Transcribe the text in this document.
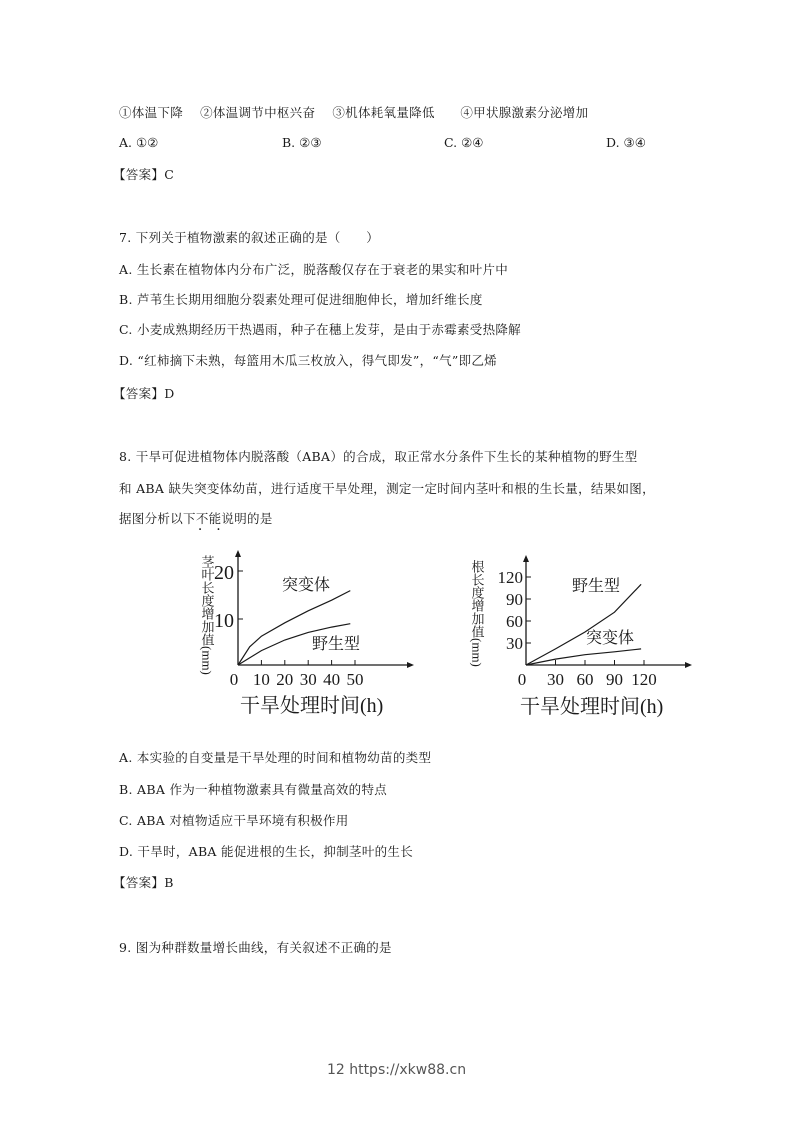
①体温下降　 ②体温调节中枢兴奋　 ③机体耗氧量降低　　④甲状腺激素分泌增加
A. ①②	B. ②③	C. ②④	D. ③④
【答案】C
7. 下列关于植物激素的叙述正确的是（　　）
A. 生长素在植物体内分布广泛，脱落酸仅存在于衰老的果实和叶片中
B. 芦苇生长期用细胞分裂素处理可促进细胞伸长，增加纤维长度
C. 小麦成熟期经历干热遇雨，种子在穗上发芽，是由于赤霉素受热降解
D. “红柿摘下未熟，每篮用木瓜三枚放入，得气即发”，“气”即乙烯
【答案】D
8. 干旱可促进植物体内脱落酸（ABA）的合成，取正常水分条件下生长的某种植物的野生型
和 ABA 缺失突变体幼苗，进行适度干旱处理，测定一定时间内茎叶和根的生长量，结果如图，
据图分析以下不能 · ·说明的是
茎叶长度增加值(mm) 10
20
0 10 20 30 40 50
突变体
野生型
干旱处理时间(h)
根长度增加值(mm) 30
60
90
120
0 30 60 90 120
野生型
突变体
干旱处理时间(h)
A. 本实验的自变量是干旱处理的时间和植物幼苗的类型
B. ABA 作为一种植物激素具有微量高效的特点
C. ABA 对植物适应干旱环境有积极作用
D. 干旱时，ABA 能促进根的生长，抑制茎叶的生长
【答案】B
9. 图为种群数量增长曲线，有关叙述不正确的是
12 https://xkw88.cn
